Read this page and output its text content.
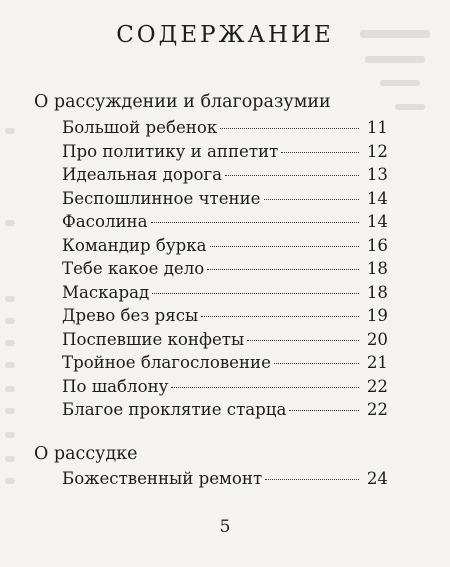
СОДЕРЖАНИЕ
О рассуждении и благоразумии
Большой ребенок	11
Про политику и аппетит	12
Идеальная дорога	13
Беспошлинное чтение	14
Фасолина	14
Командир бурка	16
Тебе какое дело	18
Маскарад	18
Древо без рясы	19
Поспевшие конфеты	20
Тройное благословение	21
По шаблону	22
Благое проклятие старца	22
О рассудке
Божественный ремонт	24
5
